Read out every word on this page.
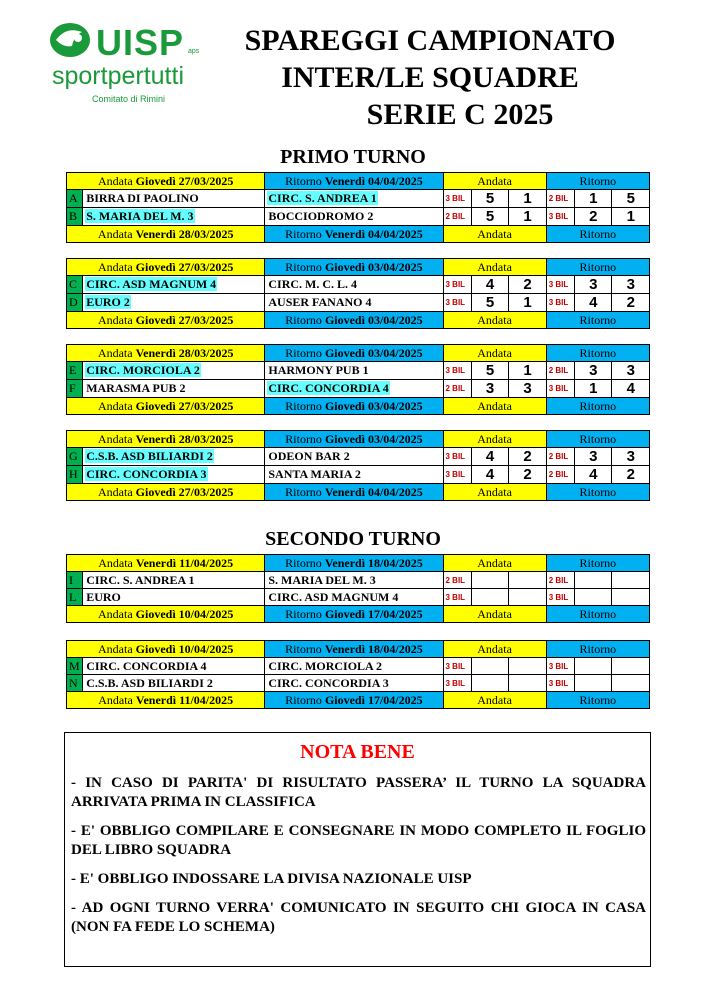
UISP aps
sportpertutti
Comitato di Rimini
SPAREGGI CAMPIONATO
INTER/LE SQUADRE
SERIE C 2025
PRIMO TURNO
SECONDO TURNO
Andata Giovedì 27/03/2025		Ritorno Venerdì 04/04/2025	Andata			Ritorno		
A	BIRRA DI PAOLINO	CIRC. S. ANDREA 1	3 BIL	5	1	2 BIL	1	5
B	S. MARIA DEL M. 3	BOCCIODROMO 2	2 BIL	5	1	3 BIL	2	1
Andata Venerdì 28/03/2025		Ritorno Venerdì 04/04/2025	Andata			Ritorno		
Andata Giovedì 27/03/2025		Ritorno Giovedì 03/04/2025	Andata			Ritorno		
C	CIRC. ASD MAGNUM 4	CIRC. M. C. L. 4	3 BIL	4	2	3 BIL	3	3
D	EURO 2	AUSER FANANO 4	3 BIL	5	1	3 BIL	4	2
Andata Giovedì 27/03/2025		Ritorno Giovedì 03/04/2025	Andata			Ritorno		
Andata Venerdì 28/03/2025		Ritorno Giovedì 03/04/2025	Andata			Ritorno		
E	CIRC. MORCIOLA 2	HARMONY PUB 1	3 BIL	5	1	2 BIL	3	3
F	MARASMA PUB 2	CIRC. CONCORDIA 4	2 BIL	3	3	3 BIL	1	4
Andata Giovedì 27/03/2025		Ritorno Giovedì 03/04/2025	Andata			Ritorno		
Andata Venerdì 28/03/2025		Ritorno Giovedì 03/04/2025	Andata			Ritorno		
G	C.S.B. ASD BILIARDI 2	ODEON BAR 2	3 BIL	4	2	2 BIL	3	3
H	CIRC. CONCORDIA 3	SANTA MARIA 2	3 BIL	4	2	2 BIL	4	2
Andata Giovedì 27/03/2025		Ritorno Venerdì 04/04/2025	Andata			Ritorno		
Andata Venerdì 11/04/2025		Ritorno Venerdì 18/04/2025	Andata			Ritorno		
I	CIRC. S. ANDREA 1	S. MARIA DEL M. 3	2 BIL			2 BIL		
L	EURO	CIRC. ASD MAGNUM 4	3 BIL			3 BIL		
Andata Giovedì 10/04/2025		Ritorno Giovedì 17/04/2025	Andata			Ritorno		
Andata Giovedì 10/04/2025		Ritorno Venerdì 18/04/2025	Andata			Ritorno		
M	CIRC. CONCORDIA 4	CIRC. MORCIOLA 2	3 BIL			3 BIL		
N	C.S.B. ASD BILIARDI 2	CIRC. CONCORDIA 3	3 BIL			3 BIL		
Andata Venerdì 11/04/2025		Ritorno Giovedì 17/04/2025	Andata			Ritorno		
NOTA BENE

- IN CASO DI PARITA' DI RISULTATO PASSERA’ IL TURNO LA SQUADRA ARRIVATA PRIMA IN CLASSIFICA

- E' OBBLIGO COMPILARE E CONSEGNARE IN MODO COMPLETO IL FOGLIO DEL LIBRO SQUADRA

- E' OBBLIGO INDOSSARE LA DIVISA NAZIONALE UISP

- AD OGNI TURNO VERRA' COMUNICATO IN SEGUITO CHI GIOCA IN CASA (NON FA FEDE LO SCHEMA)
